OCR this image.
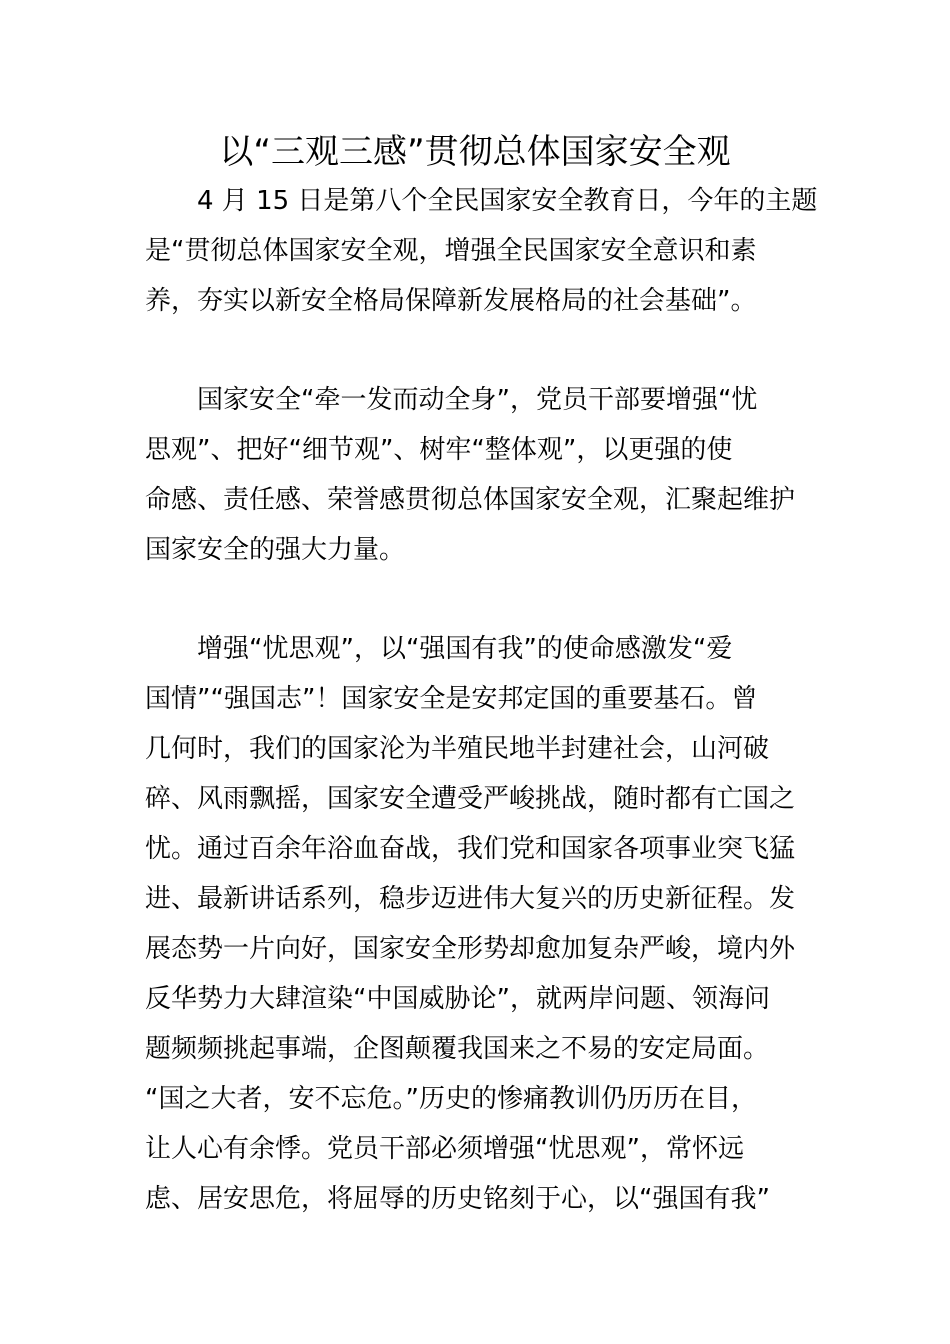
以“三观三感”贯彻总体国家安全观

　　4 月 15 日是第八个全民国家安全教育日，今年的主题

是“贯彻总体国家安全观，增强全民国家安全意识和素

养，夯实以新安全格局保障新发展格局的社会基础”。

　　国家安全“牵一发而动全身”，党员干部要增强“忧

思观”、把好“细节观”、树牢“整体观”，以更强的使

命感、责任感、荣誉感贯彻总体国家安全观，汇聚起维护

国家安全的强大力量。

　　增强“忧思观”，以“强国有我”的使命感激发“爱

国情”“强国志”！国家安全是安邦定国的重要基石。曾

几何时，我们的国家沦为半殖民地半封建社会，山河破

碎、风雨飘摇，国家安全遭受严峻挑战，随时都有亡国之

忧。通过百余年浴血奋战，我们党和国家各项事业突飞猛

进、最新讲话系列，稳步迈进伟大复兴的历史新征程。发

展态势一片向好，国家安全形势却愈加复杂严峻，境内外

反华势力大肆渲染“中国威胁论”，就两岸问题、领海问

题频频挑起事端，企图颠覆我国来之不易的安定局面。

“国之大者，安不忘危。”历史的惨痛教训仍历历在目，

让人心有余悸。党员干部必须增强“忧思观”，常怀远

虑、居安思危，将屈辱的历史铭刻于心，以“强国有我”
